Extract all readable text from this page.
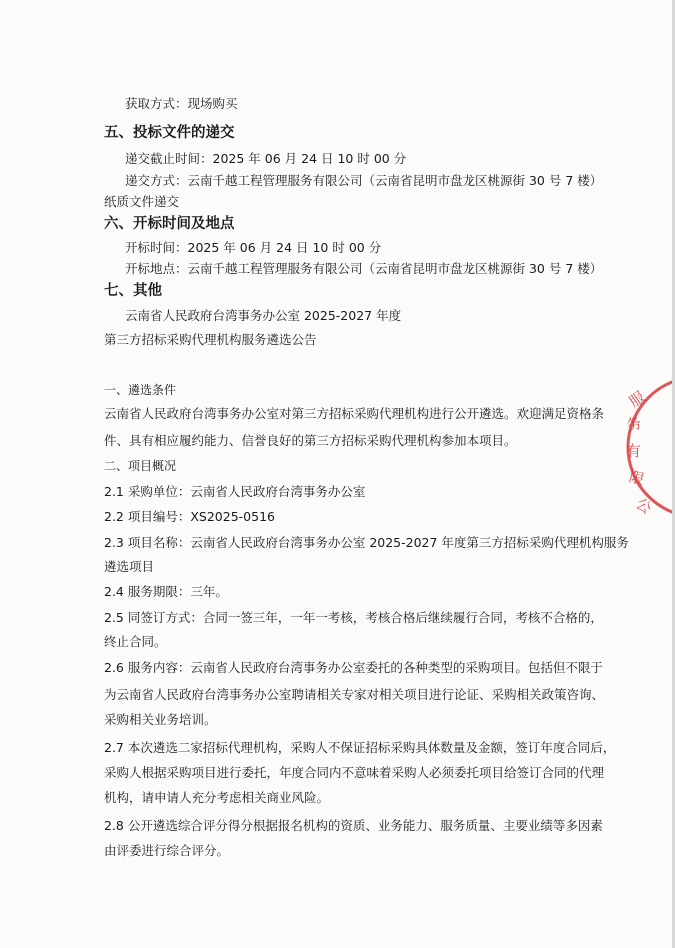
获取方式：现场购买
五、投标文件的递交
递交截止时间：2025 年 06 月 24 日 10 时 00 分
递交方式：云南千越工程管理服务有限公司（云南省昆明市盘龙区桃源街 30 号 7 楼）
纸质文件递交
六、开标时间及地点
开标时间：2025 年 06 月 24 日 10 时 00 分
开标地点：云南千越工程管理服务有限公司（云南省昆明市盘龙区桃源街 30 号 7 楼）
七、其他
云南省人民政府台湾事务办公室 2025-2027 年度
第三方招标采购代理机构服务遴选公告
一、遴选条件
云南省人民政府台湾事务办公室对第三方招标采购代理机构进行公开遴选。欢迎满足资格条
件、具有相应履约能力、信誉良好的第三方招标采购代理机构参加本项目。
二、项目概况
2.1 采购单位：云南省人民政府台湾事务办公室
2.2 项目编号：XS2025-0516
2.3 项目名称：云南省人民政府台湾事务办公室 2025-2027 年度第三方招标采购代理机构服务
遴选项目
2.4 服务期限：三年。
2.5 同签订方式：合同一签三年，一年一考核，考核合格后继续履行合同，考核不合格的，
终止合同。
2.6 服务内容：云南省人民政府台湾事务办公室委托的各种类型的采购项目。包括但不限于
为云南省人民政府台湾事务办公室聘请相关专家对相关项目进行论证、采购相关政策咨询、
采购相关业务培训。
2.7 本次遴选二家招标代理机构，采购人不保证招标采购具体数量及金额，签订年度合同后，
采购人根据采购项目进行委托，年度合同内不意味着采购人必须委托项目给签订合同的代理
机构，请申请人充分考虑相关商业风险。
2.8 公开遴选综合评分得分根据报名机构的资质、业务能力、服务质量、主要业绩等多因素
由评委进行综合评分。
服
务
有
限
公
